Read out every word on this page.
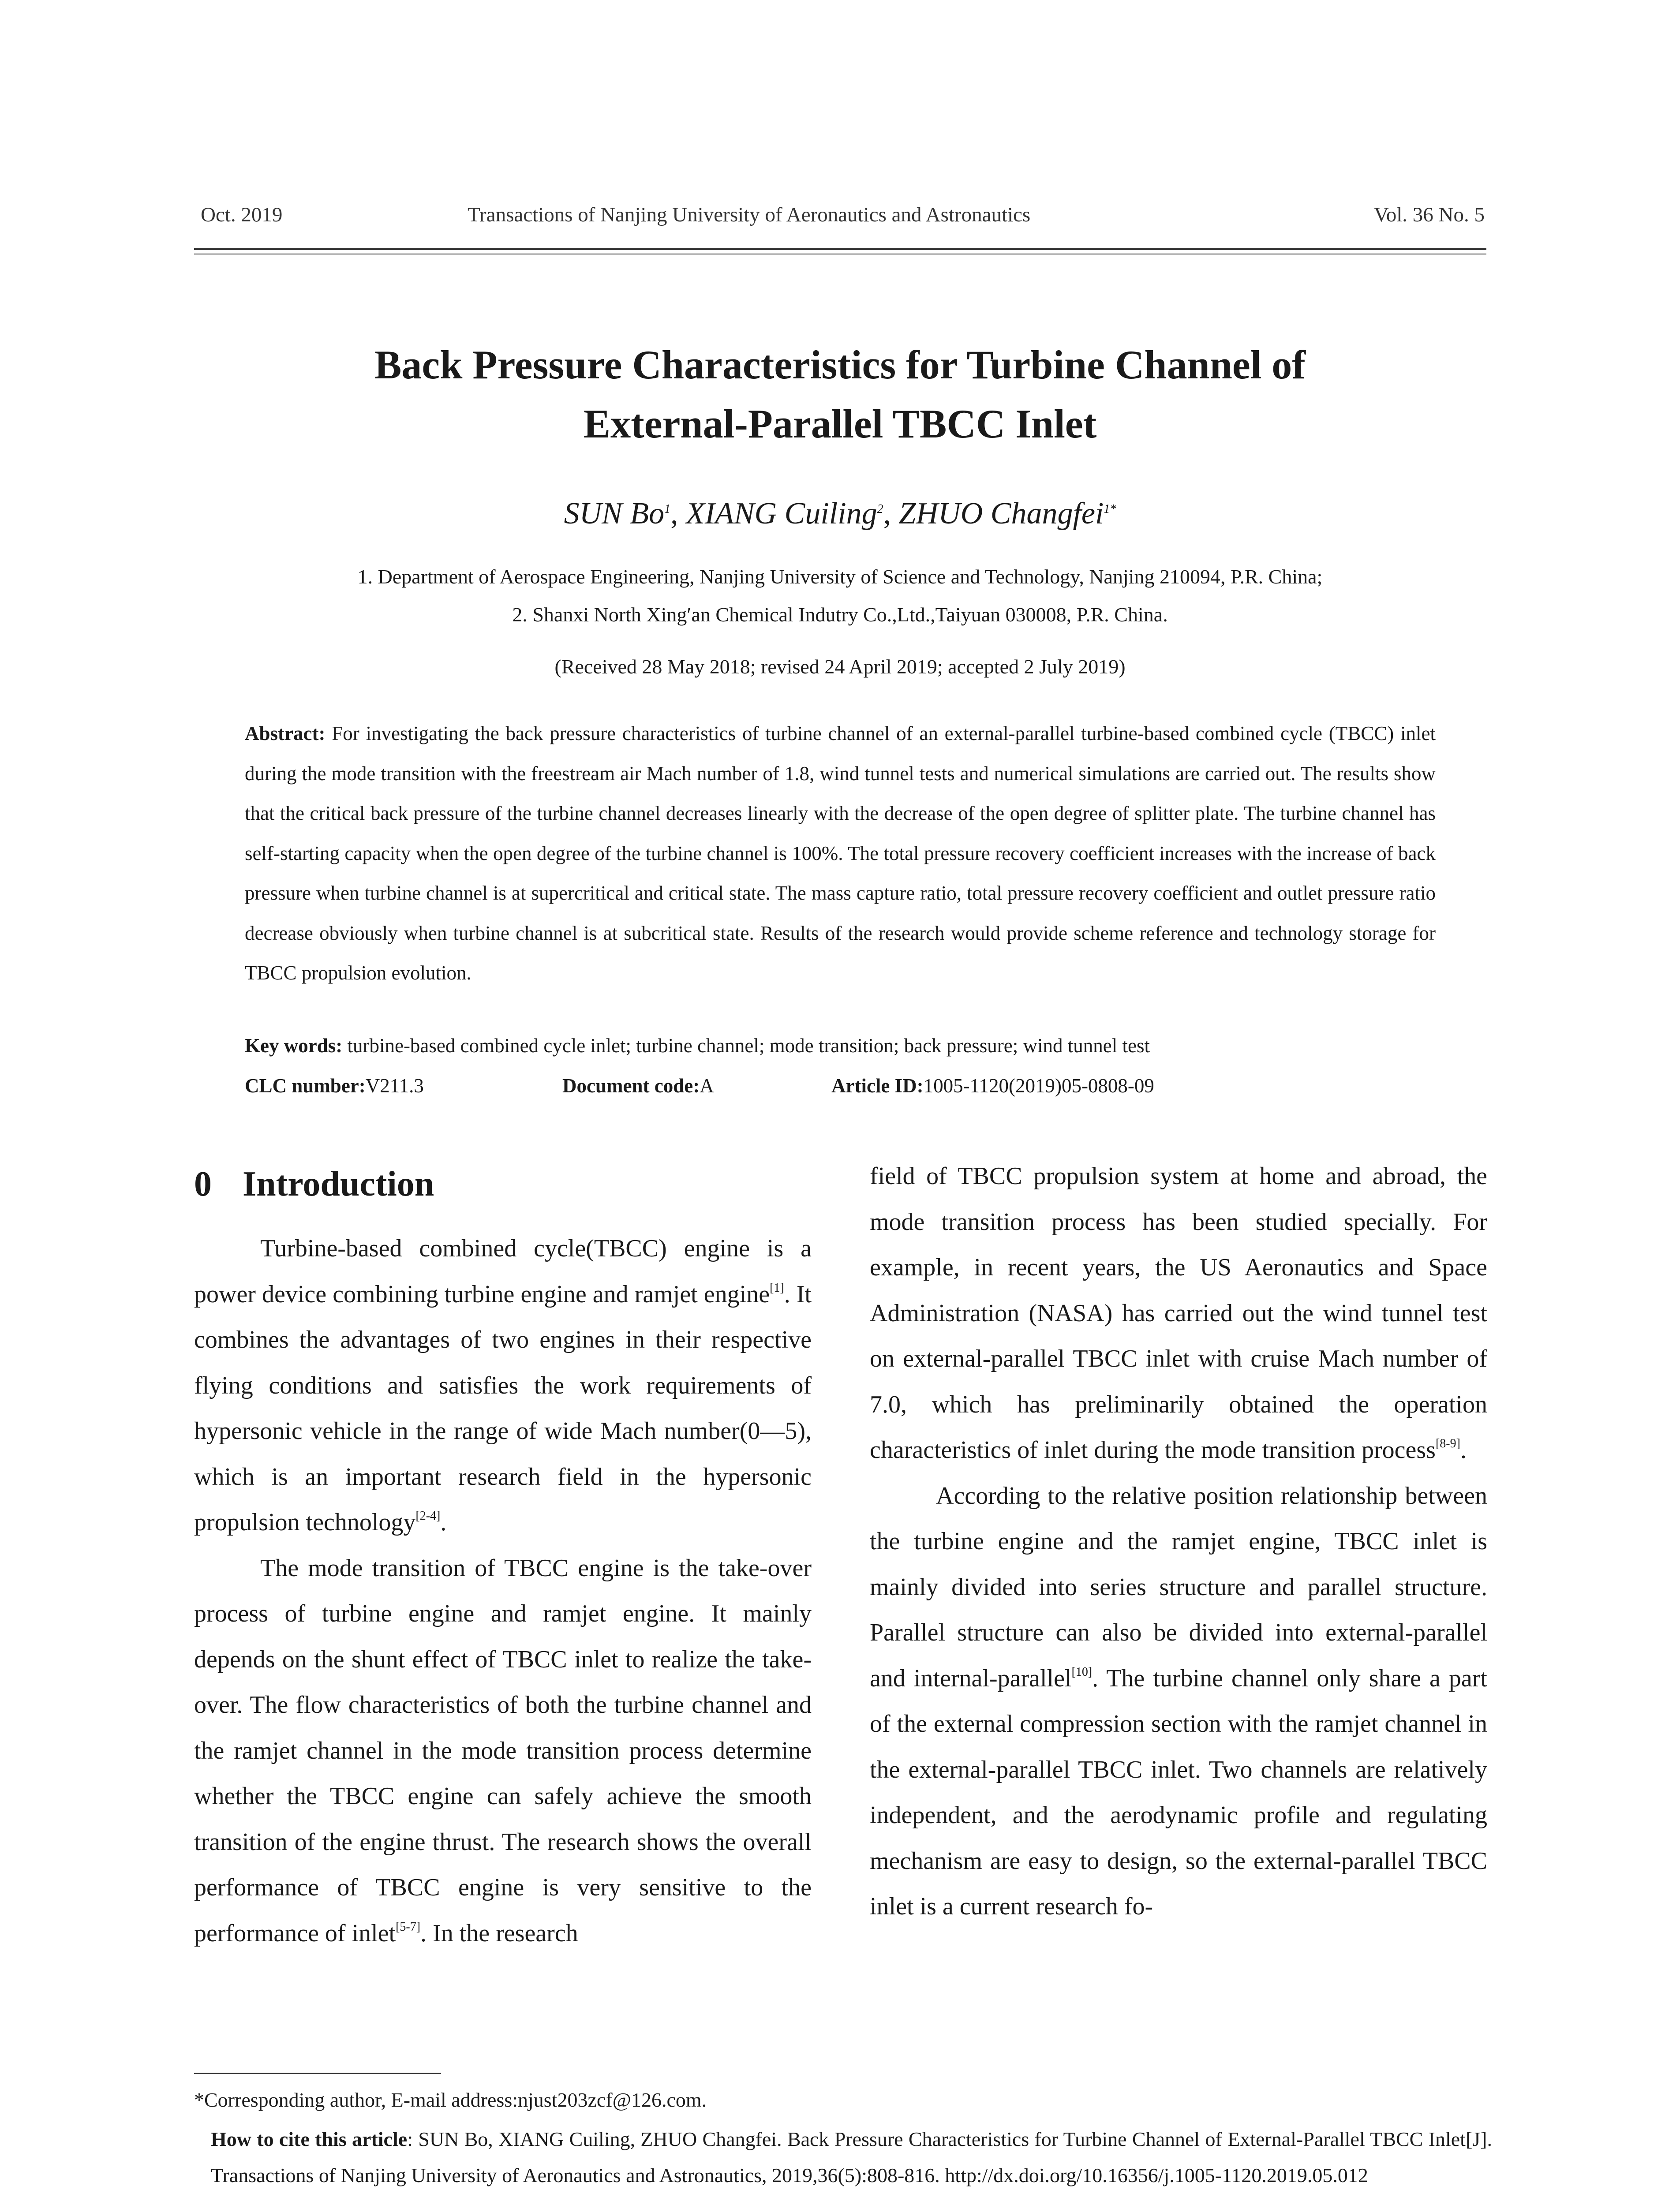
Oct. 2019	Transactions of Nanjing University of Aeronautics and Astronautics	Vol. 36 No. 5
Back Pressure Characteristics for Turbine Channel of
External-Parallel TBCC Inlet
SUN Bo$^1$, XIANG Cuiling$^2$, ZHUO Changfei$^{1*}$
1. Department of Aerospace Engineering, Nanjing University of Science and Technology, Nanjing 210094, P.R. China;
2. Shanxi North Xing′an Chemical Indutry Co.,Ltd.,Taiyuan 030008, P.R. China.
(Received 28 May 2018; revised 24 April 2019; accepted 2 July 2019)

Abstract: For investigating the back pressure characteristics of turbine channel of an external-parallel turbine-based combined cycle (TBCC) inlet during the mode transition with the freestream air Mach number of 1.8, wind tunnel tests and numerical simulations are carried out. The results show that the critical back pressure of the turbine channel decreases linearly with the decrease of the open degree of splitter plate. The turbine channel has self-starting capacity when the open degree of the turbine channel is 100%. The total pressure recovery coefficient increases with the increase of back pressure when turbine channel is at supercritical and critical state. The mass capture ratio, total pressure recovery coefficient and outlet pressure ratio decrease obviously when turbine channel is at subcritical state. Results of the research would provide scheme reference and technology storage for TBCC propulsion evolution.

Key words: turbine-based combined cycle inlet; turbine channel; mode transition; back pressure; wind tunnel test
CLC number:V211.3	Document code:A	Article ID:1005-1120(2019)05-0808-09
0 Introduction

Turbine-based combined cycle(TBCC) engine is a power device combining turbine engine and ramjet engine[1]. It combines the advantages of two engines in their respective flying conditions and satisfies the work requirements of hypersonic vehicle in the range of wide Mach number(0—5), which is an important research field in the hypersonic propulsion technology[2-4].

The mode transition of TBCC engine is the take-over process of turbine engine and ramjet engine. It mainly depends on the shunt effect of TBCC inlet to realize the take-over. The flow characteristics of both the turbine channel and the ramjet channel in the mode transition process determine whether the TBCC engine can safely achieve the smooth transition of the engine thrust. The research shows the overall performance of TBCC engine is very sensitive to the performance of inlet[5-7]. In the research

field of TBCC propulsion system at home and abroad, the mode transition process has been studied specially. For example, in recent years, the US Aeronautics and Space Administration (NASA) has carried out the wind tunnel test on external-parallel TBCC inlet with cruise Mach number of 7.0, which has preliminarily obtained the operation characteristics of inlet during the mode transition process[8-9].

According to the relative position relationship between the turbine engine and the ramjet engine, TBCC inlet is mainly divided into series structure and parallel structure. Parallel structure can also be divided into external-parallel and internal-parallel[10]. The turbine channel only share a part of the external compression section with the ramjet channel in the external-parallel TBCC inlet. Two channels are relatively independent, and the aerodynamic profile and regulating mechanism are easy to design, so the external-parallel TBCC inlet is a current research fo-

*Corresponding author, E-mail address:njust203zcf@126.com.
How to cite this article: SUN Bo, XIANG Cuiling, ZHUO Changfei. Back Pressure Characteristics for Turbine Channel of External-Parallel TBCC Inlet[J]. Transactions of Nanjing University of Aeronautics and Astronautics, 2019,36(5):808-816. http://dx.doi.org/10.16356/j.1005-1120.2019.05.012
